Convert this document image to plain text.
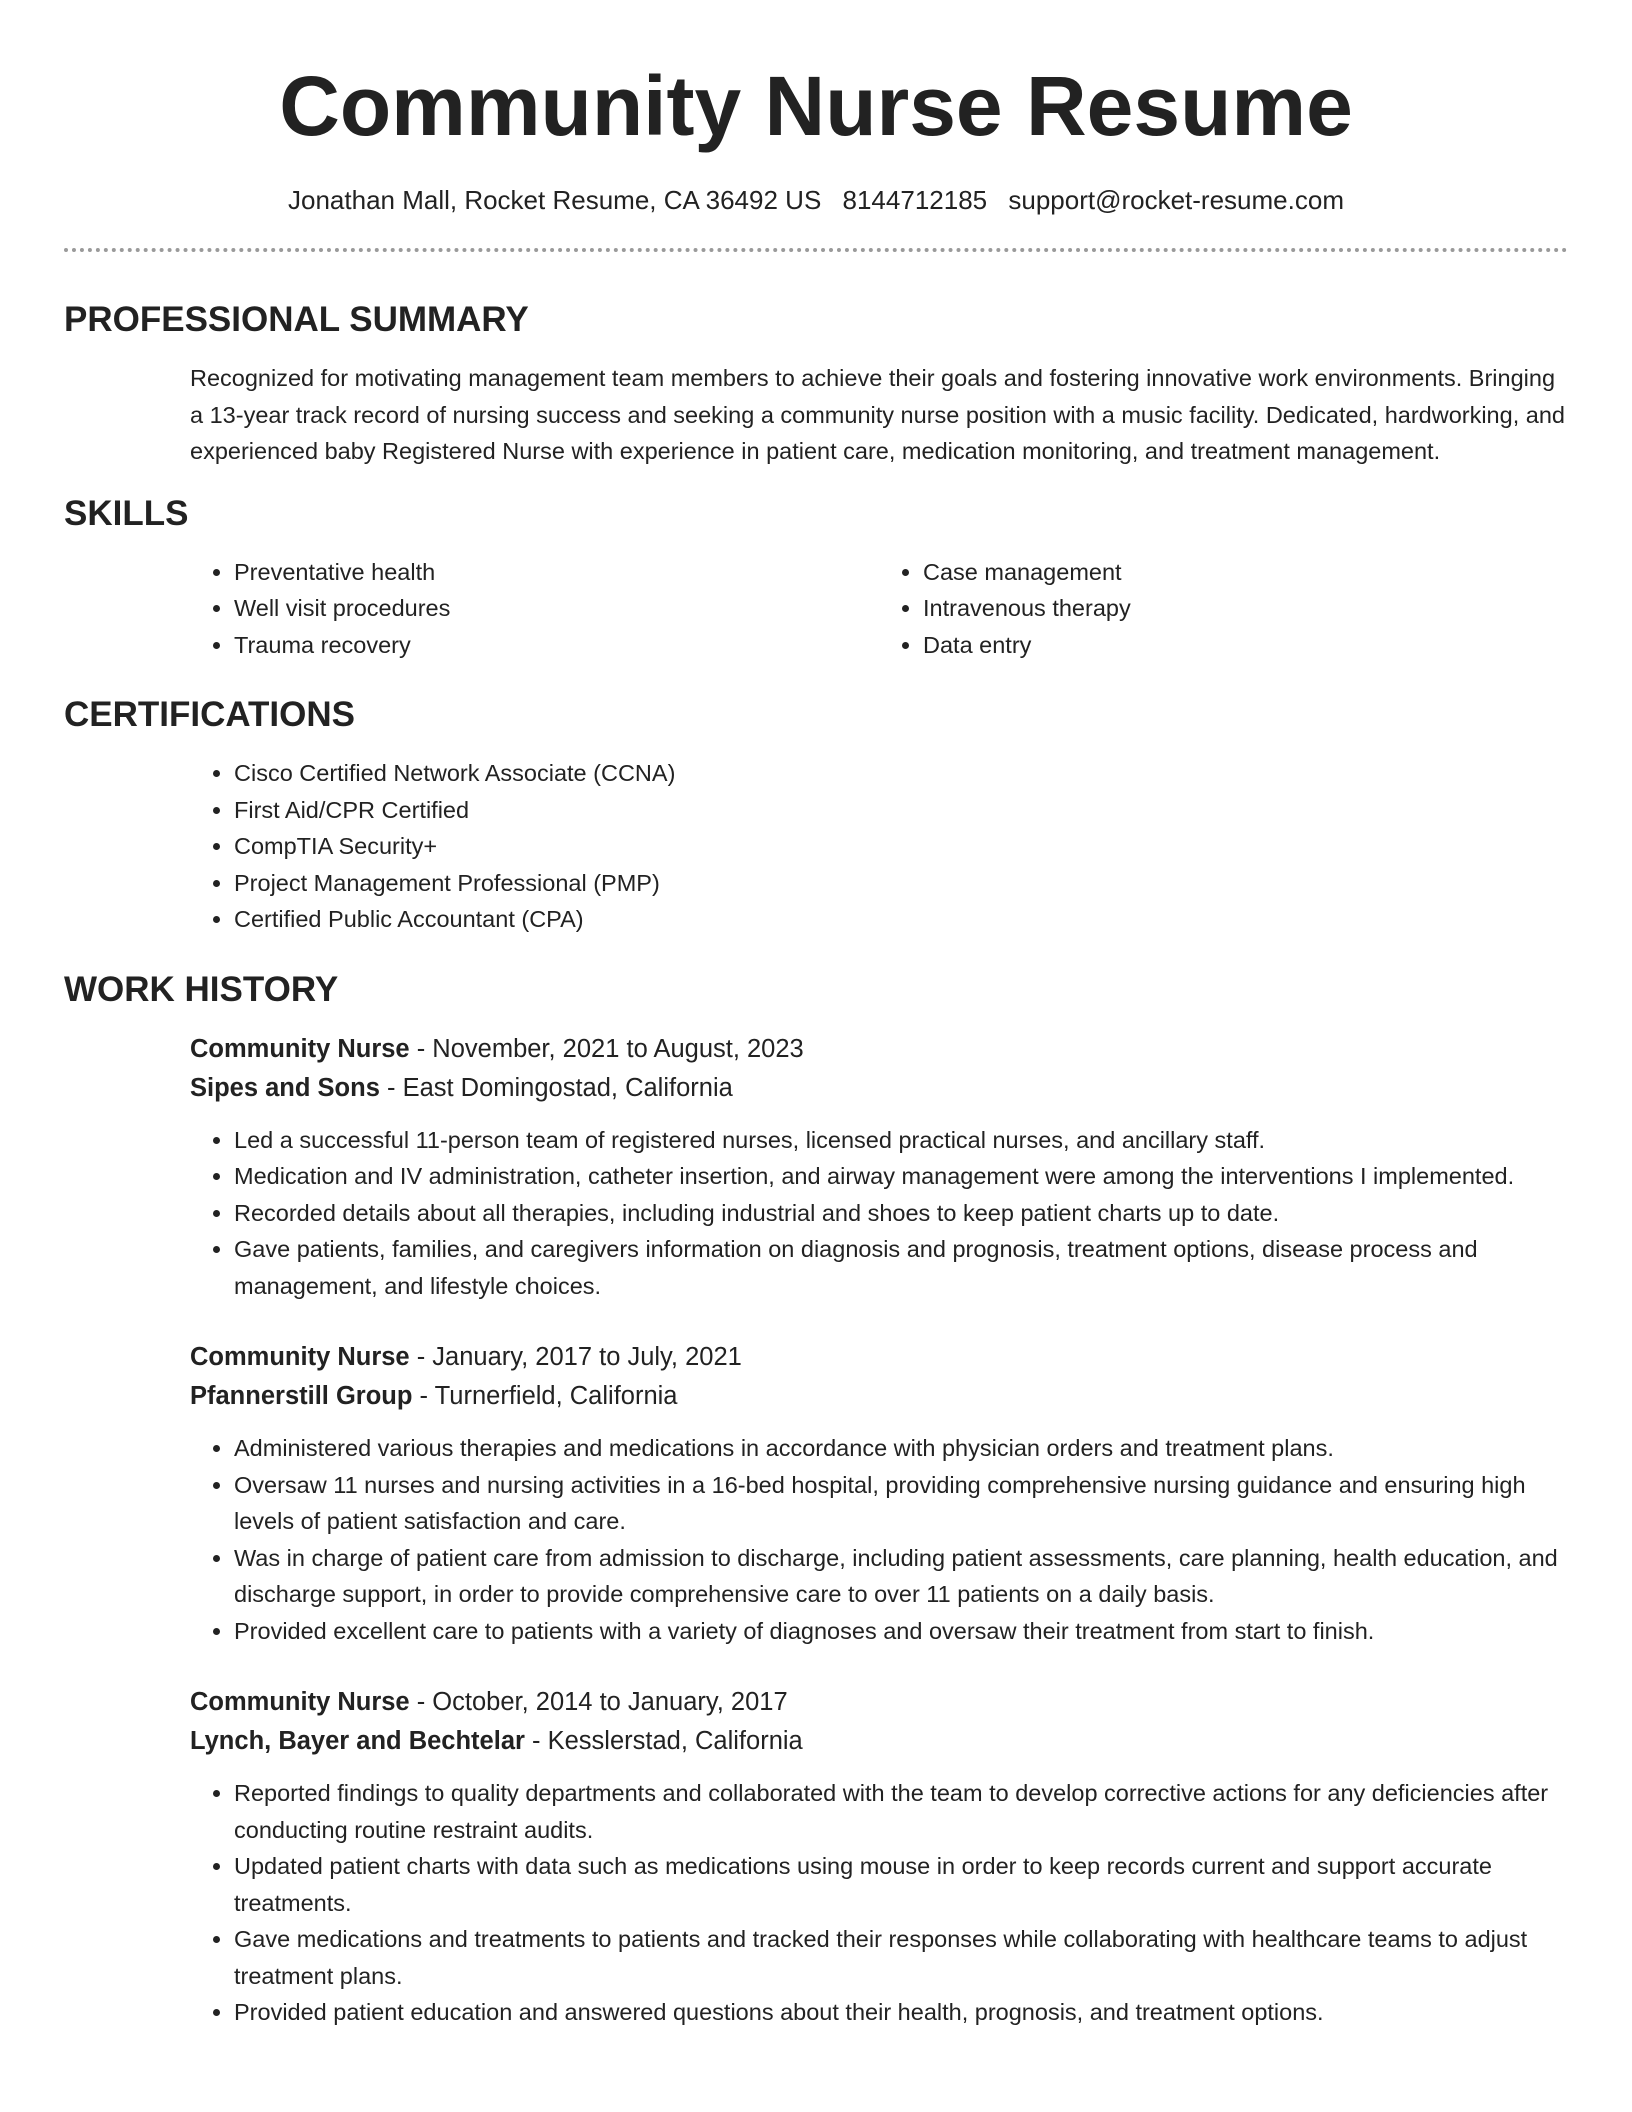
Community Nurse Resume
Jonathan Mall, Rocket Resume, CA 36492 US 8144712185 support@rocket-resume.com
PROFESSIONAL SUMMARY
Recognized for motivating management team members to achieve their goals and fostering innovative work environments. Bringing a 13-year track record of nursing success and seeking a community nurse position with a music facility. Dedicated, hardworking, and experienced baby Registered Nurse with experience in patient care, medication monitoring, and treatment management.
SKILLS
• Preventative health
• Well visit procedures
• Trauma recovery
• Case management
• Intravenous therapy
• Data entry
CERTIFICATIONS
• Cisco Certified Network Associate (CCNA)
• First Aid/CPR Certified
• CompTIA Security+
• Project Management Professional (PMP)
• Certified Public Accountant (CPA)
WORK HISTORY
Community Nurse - November, 2021 to August, 2023
Sipes and Sons - East Domingostad, California
• Led a successful 11-person team of registered nurses, licensed practical nurses, and ancillary staff.
• Medication and IV administration, catheter insertion, and airway management were among the interventions I implemented.
• Recorded details about all therapies, including industrial and shoes to keep patient charts up to date.
• Gave patients, families, and caregivers information on diagnosis and prognosis, treatment options, disease process and management, and lifestyle choices.
Community Nurse - January, 2017 to July, 2021
Pfannerstill Group - Turnerfield, California
• Administered various therapies and medications in accordance with physician orders and treatment plans.
• Oversaw 11 nurses and nursing activities in a 16-bed hospital, providing comprehensive nursing guidance and ensuring high levels of patient satisfaction and care.
• Was in charge of patient care from admission to discharge, including patient assessments, care planning, health education, and discharge support, in order to provide comprehensive care to over 11 patients on a daily basis.
• Provided excellent care to patients with a variety of diagnoses and oversaw their treatment from start to finish.
Community Nurse - October, 2014 to January, 2017
Lynch, Bayer and Bechtelar - Kesslerstad, California
• Reported findings to quality departments and collaborated with the team to develop corrective actions for any deficiencies after conducting routine restraint audits.
• Updated patient charts with data such as medications using mouse in order to keep records current and support accurate treatments.
• Gave medications and treatments to patients and tracked their responses while collaborating with healthcare teams to adjust treatment plans.
• Provided patient education and answered questions about their health, prognosis, and treatment options.
